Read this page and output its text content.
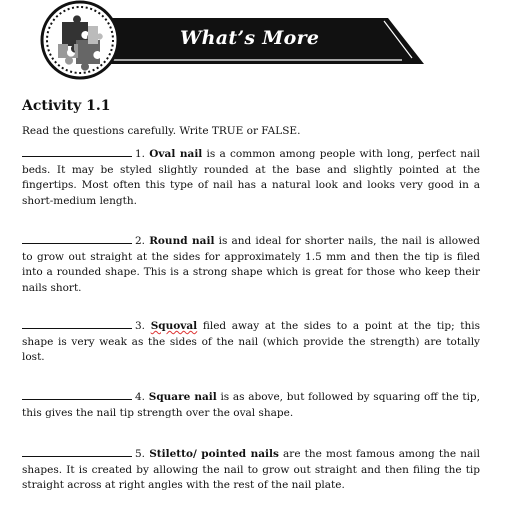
What’s More
Activity 1.1
Read the questions carefully. Write TRUE or FALSE.
1. Oval nail is a common among people with long, perfect nail beds. It may be styled slightly rounded at the base and slightly pointed at the fingertips. Most often this type of nail has a natural look and looks very good in a short-medium length.
2. Round nail is and ideal for shorter nails, the nail is allowed to grow out straight at the sides for approximately 1.5 mm and then the tip is filed into a rounded shape. This is a strong shape which is great for those who keep their nails short.
3. Squoval filed away at the sides to a point at the tip; this shape is very weak as the sides of the nail (which provide the strength) are totally lost.
4. Square nail is as above, but followed by squaring off the tip, this gives the nail tip strength over the oval shape.
5. Stiletto/ pointed nails are the most famous among the nail shapes. It is created by allowing the nail to grow out straight and then filing the tip straight across at right angles with the rest of the nail plate.
